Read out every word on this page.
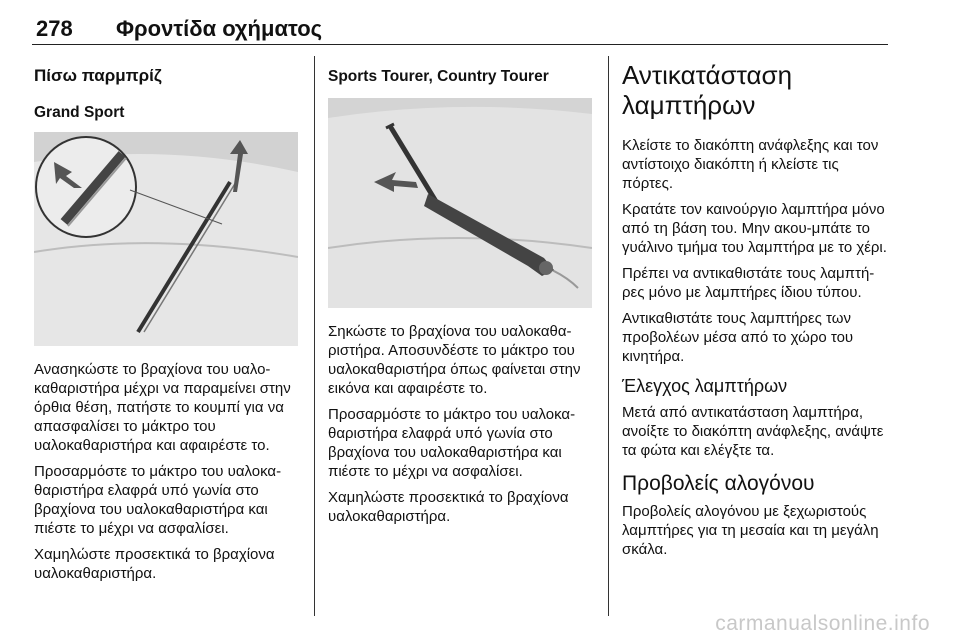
278 Φροντίδα οχήματος
Πίσω παρμπρίζ
Grand Sport

Ανασηκώστε το βραχίονα του υαλο-καθαριστήρα μέχρι να παραμείνει στην όρθια θέση, πατήστε το κουμπί για να απασφαλίσει το μάκτρο του υαλοκαθαριστήρα και αφαιρέστε το.

Προσαρμόστε το μάκτρο του υαλοκα-θαριστήρα ελαφρά υπό γωνία στο βραχίονα του υαλοκαθαριστήρα και πιέστε το μέχρι να ασφαλίσει.

Χαμηλώστε προσεκτικά το βραχίονα υαλοκαθαριστήρα.

Sports Tourer, Country Tourer

Σηκώστε το βραχίονα του υαλοκαθα-ριστήρα. Αποσυνδέστε το μάκτρο του υαλοκαθαριστήρα όπως φαίνεται στην εικόνα και αφαιρέστε το.

Προσαρμόστε το μάκτρο του υαλοκα-θαριστήρα ελαφρά υπό γωνία στο βραχίονα του υαλοκαθαριστήρα και πιέστε το μέχρι να ασφαλίσει.

Χαμηλώστε προσεκτικά το βραχίονα υαλοκαθαριστήρα.

Αντικατάσταση λαμπτήρων

Κλείστε το διακόπτη ανάφλεξης και τον αντίστοιχο διακόπτη ή κλείστε τις πόρτες.

Κρατάτε τον καινούργιο λαμπτήρα μόνο από τη βάση του. Μην ακου-μπάτε το γυάλινο τμήμα του λαμπτήρα με το χέρι.

Πρέπει να αντικαθιστάτε τους λαμπτή-ρες μόνο με λαμπτήρες ίδιου τύπου.

Αντικαθιστάτε τους λαμπτήρες των προβολέων μέσα από το χώρο του κινητήρα.

Έλεγχος λαμπτήρων

Μετά από αντικατάσταση λαμπτήρα, ανοίξτε το διακόπτη ανάφλεξης, ανάψτε τα φώτα και ελέγξτε τα.

Προβολείς αλογόνου

Προβολείς αλογόνου με ξεχωριστούς λαμπτήρες για τη μεσαία και τη μεγάλη σκάλα.

carmanualsonline.info
